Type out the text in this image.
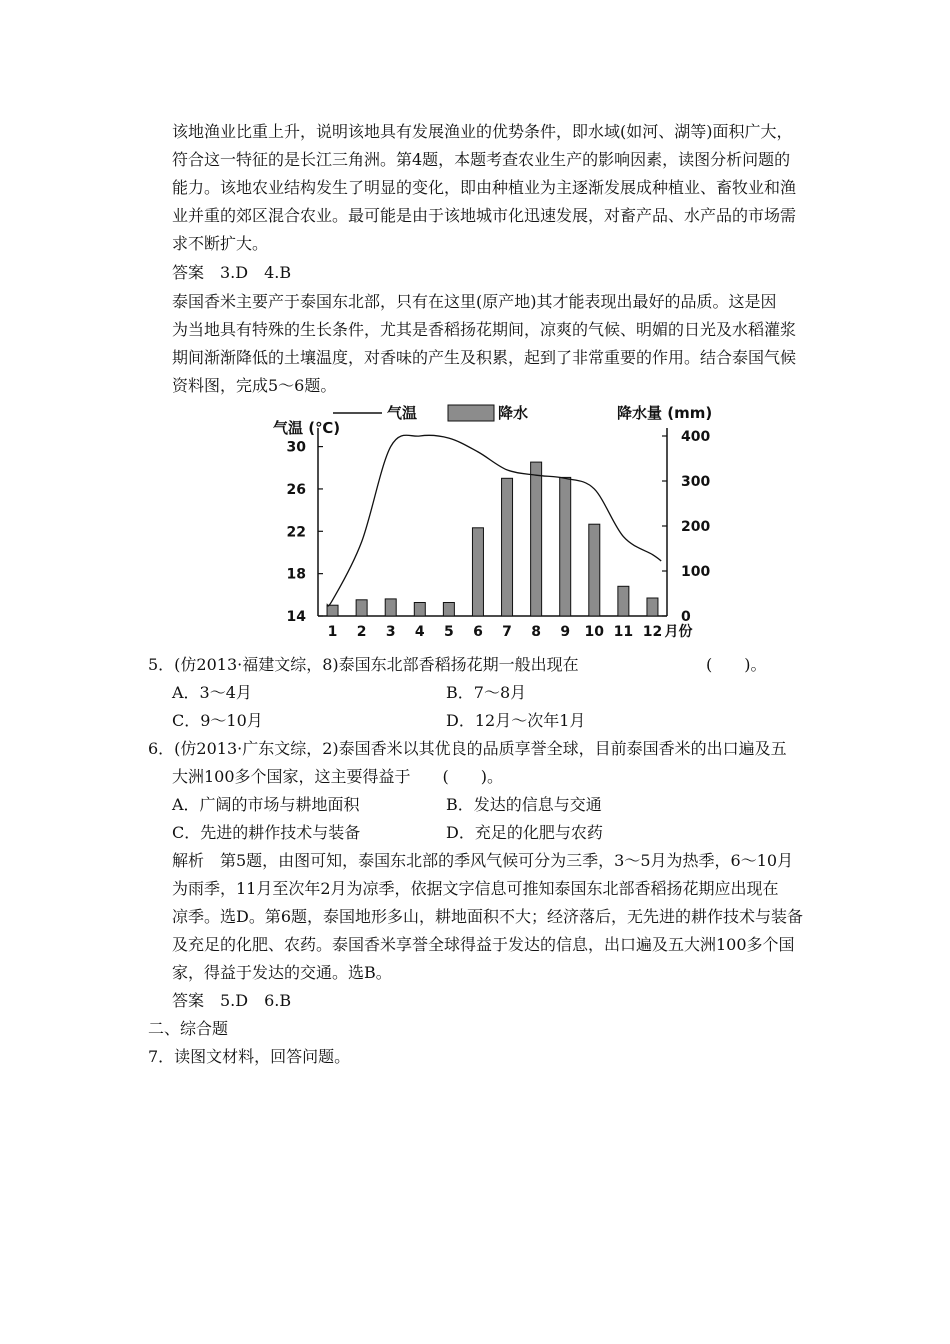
该地渔业比重上升，说明该地具有发展渔业的优势条件，即水域(如河、湖等)面积广大，
符合这一特征的是长江三角洲。第4题，本题考查农业生产的影响因素，读图分析问题的
能力。该地农业结构发生了明显的变化，即由种植业为主逐渐发展成种植业、畜牧业和渔
业并重的郊区混合农业。最可能是由于该地城市化迅速发展，对畜产品、水产品的市场需
求不断扩大。
答案　3.D　4.B
泰国香米主要产于泰国东北部，只有在这里(原产地)其才能表现出最好的品质。这是因
为当地具有特殊的生长条件，尤其是香稻扬花期间，凉爽的气候、明媚的日光及水稻灌浆
期间渐渐降低的土壤温度，对香味的产生及积累，起到了非常重要的作用。结合泰国气候
资料图，完成5～6题。
气温	降水
气温 (℃)
降水量 (mm)
14
18
22
26
30
0
100
200
300
400
1 2 3 4 5 6 7 8 9 10 11 12 月份
5．(仿2013·福建文综，8)泰国东北部香稻扬花期一般出现在	(　　)。
A．3～4月	B．7～8月
C．9～10月	D．12月～次年1月
6．(仿2013·广东文综，2)泰国香米以其优良的品质享誉全球，目前泰国香米的出口遍及五
大洲100多个国家，这主要得益于　　(　　)。
A．广阔的市场与耕地面积	B．发达的信息与交通
C．先进的耕作技术与装备	D．充足的化肥与农药
解析　第5题，由图可知，泰国东北部的季风气候可分为三季，3～5月为热季，6～10月
为雨季，11月至次年2月为凉季，依据文字信息可推知泰国东北部香稻扬花期应出现在
凉季。选D。第6题，泰国地形多山，耕地面积不大；经济落后，无先进的耕作技术与装备
及充足的化肥、农药。泰国香米享誉全球得益于发达的信息，出口遍及五大洲100多个国
家，得益于发达的交通。选B。
答案　5.D　6.B
二、综合题
7．读图文材料，回答问题。
